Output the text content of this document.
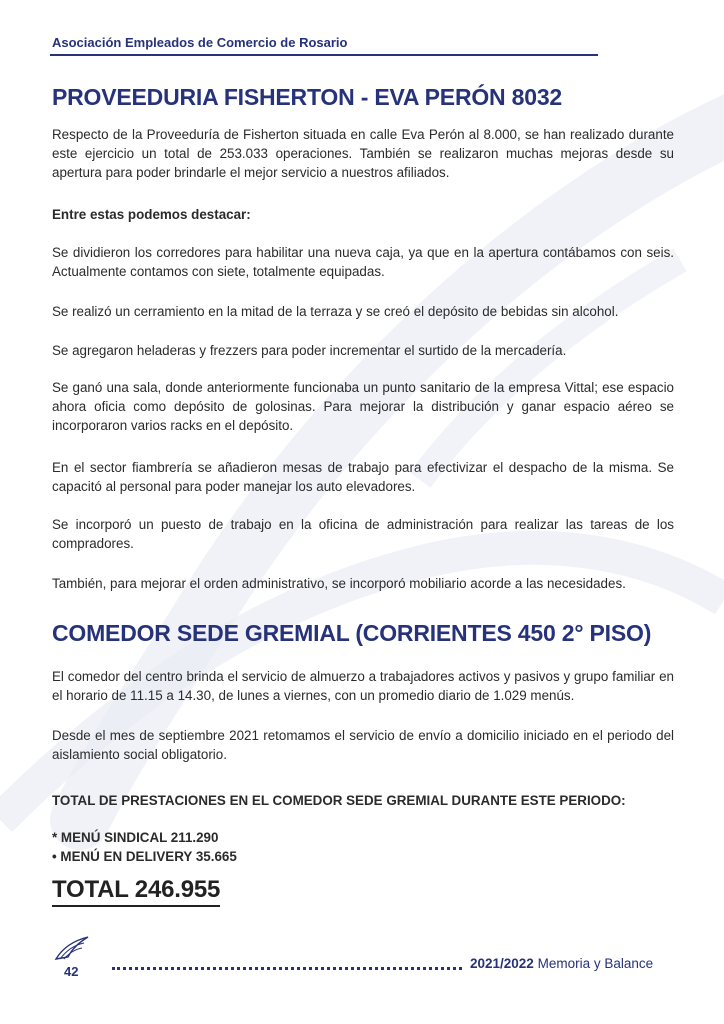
Asociación Empleados de Comercio de Rosario
PROVEEDURIA FISHERTON - EVA PERÓN 8032
Respecto de la Proveeduría de Fisherton situada en calle Eva Perón al 8.000, se han realizado durante este ejercicio un total de 253.033 operaciones. También se realizaron muchas mejoras desde su apertura para poder brindarle el mejor servicio a nuestros afiliados.
Entre estas podemos destacar:
Se dividieron los corredores para habilitar una nueva caja, ya que en la apertura contábamos con seis. Actualmente contamos con siete, totalmente equipadas.
Se realizó un cerramiento en la mitad de la terraza y se creó el depósito de bebidas sin alcohol.
Se agregaron heladeras y frezzers para poder incrementar el surtido de la mercadería.
Se ganó una sala, donde anteriormente funcionaba un punto sanitario de la empresa Vittal; ese espacio ahora oficia como depósito de golosinas. Para mejorar la distribución y ganar espacio aéreo se incorporaron varios racks en el depósito.
En el sector fiambrería se añadieron mesas de trabajo para efectivizar el despacho de la misma. Se capacitó al personal para poder manejar los auto elevadores.
Se incorporó un puesto de trabajo en la oficina de administración para realizar las tareas de los compradores.
También, para mejorar el orden administrativo, se incorporó mobiliario acorde a las necesidades.
COMEDOR SEDE GREMIAL (CORRIENTES 450 2° PISO)
El comedor del centro brinda el servicio de almuerzo a trabajadores activos y pasivos y grupo familiar en el horario de 11.15 a 14.30, de lunes a viernes, con un promedio diario de 1.029 menús.
Desde el mes de septiembre 2021 retomamos el servicio de envío a domicilio iniciado en el periodo del aislamiento social obligatorio.
TOTAL DE PRESTACIONES EN EL COMEDOR SEDE GREMIAL DURANTE ESTE PERIODO:
* MENÚ SINDICAL 211.290
• MENÚ EN DELIVERY 35.665
TOTAL 246.955
42
2021/2022 Memoria y Balance
